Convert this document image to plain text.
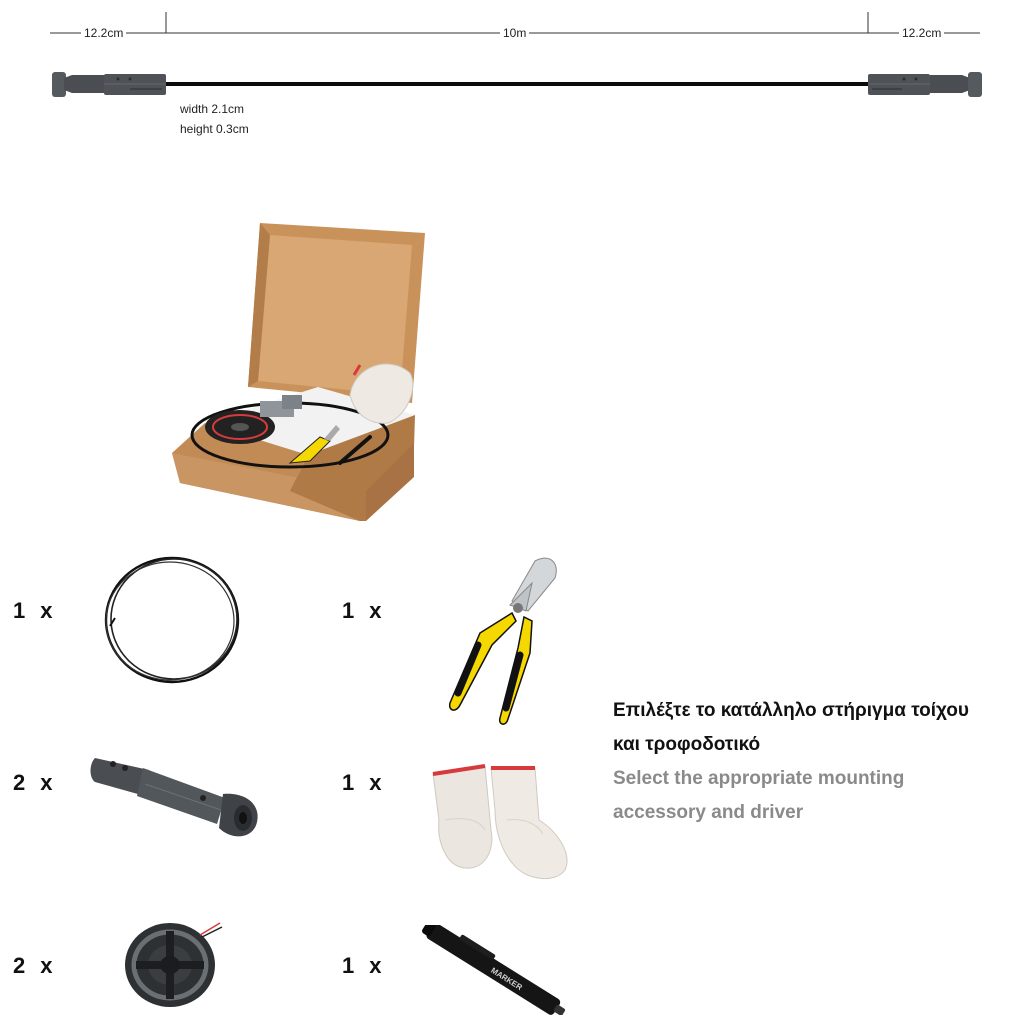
12.2cm	10m	12.2cm
width 2.1cm
height 0.3cm
1 x	1 x
2 x	1 x
2 x	1 x
MARKER
Επιλέξτε το κατάλληλο στήριγμα τοίχου
και τροφοδοτικό
Select the appropriate mounting
accessory and driver
